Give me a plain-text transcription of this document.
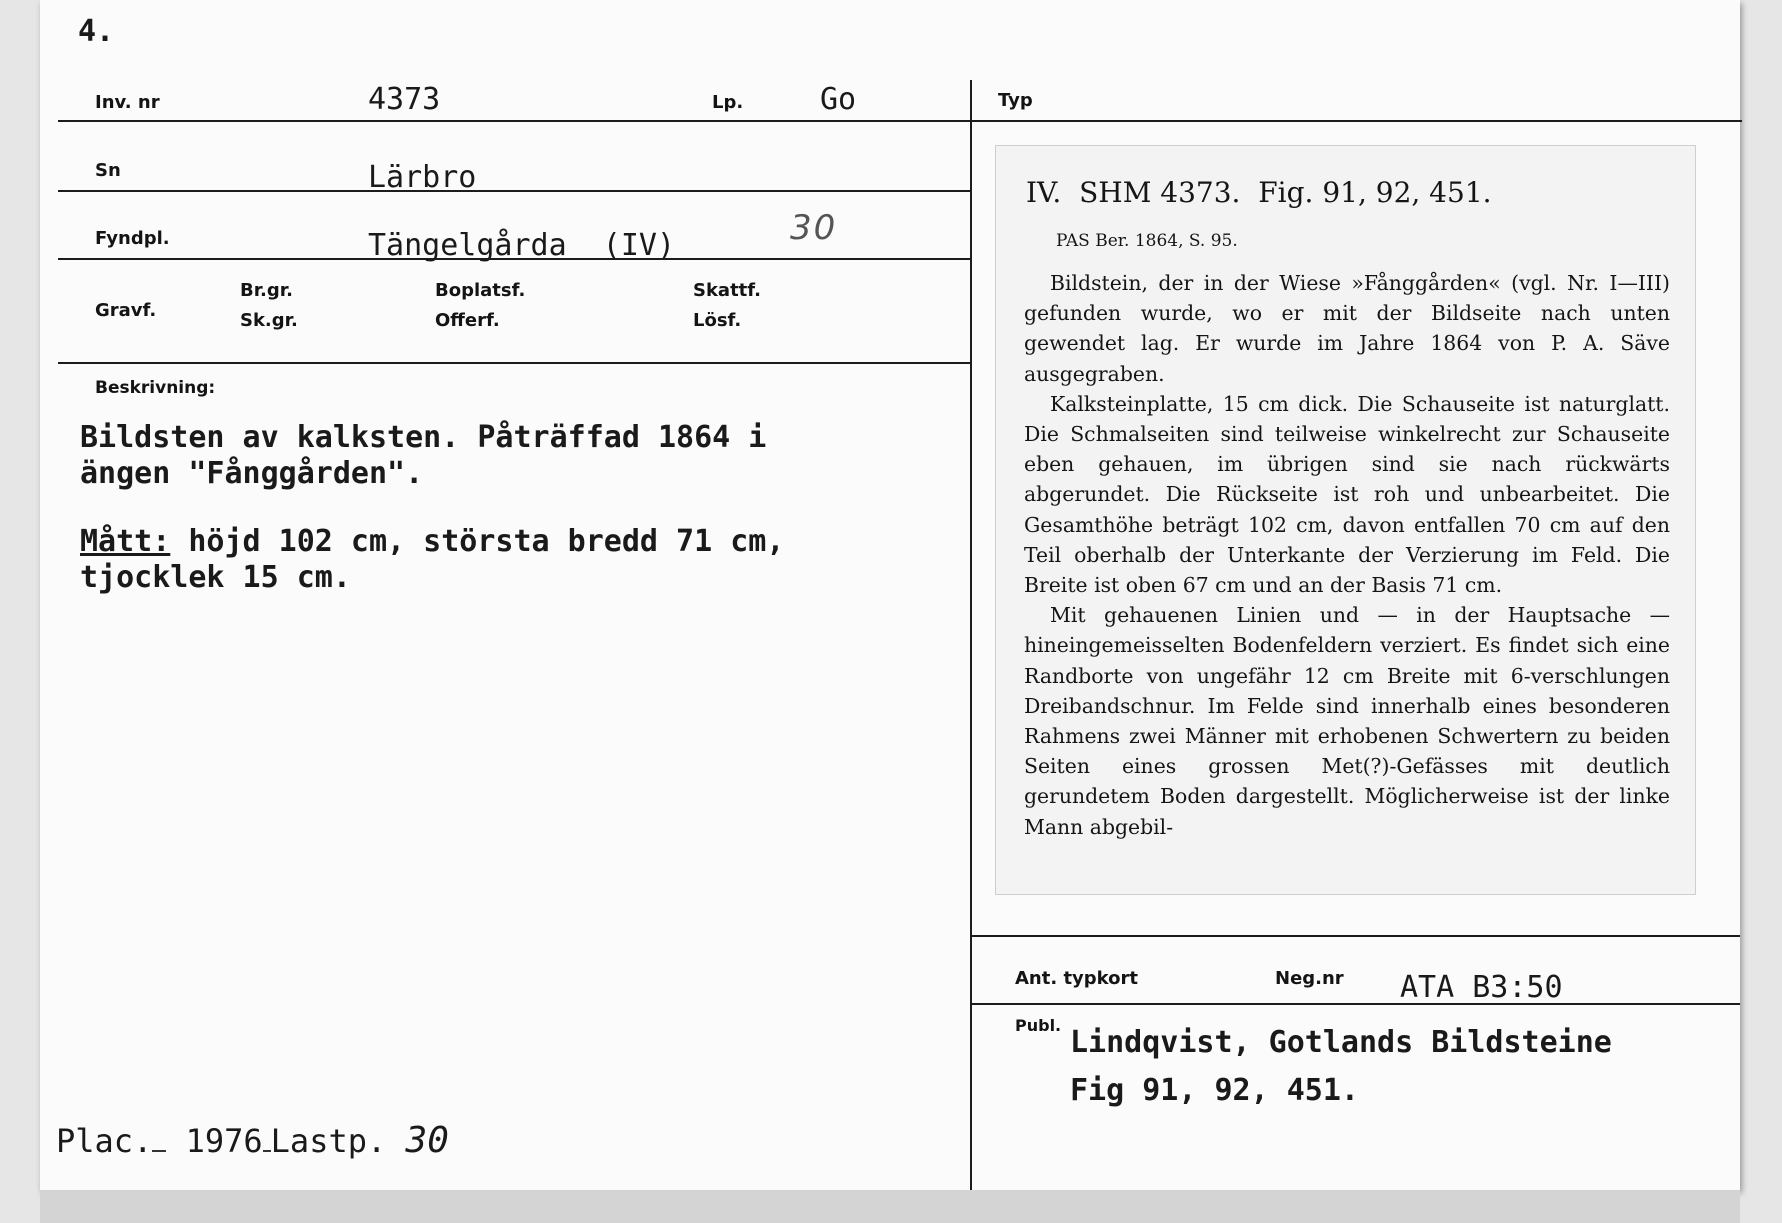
4.
Inv. nr	4373	Lp.	Go	Typ
Sn	Lärbro
Fyndpl.	Tängelgårda  (IV)	30
Gravf.
Br.gr.
Sk.gr.
Boplatsf.
Offerf.
Skattf.
Lösf.
Beskrivning:
Bildsten av kalksten. Påträffad 1864 i
ängen "Fånggården".
Mått: höjd 102 cm, största bredd 71 cm,
tjocklek 15 cm.
Plac. 1976 Lastp. 30
IV.  SHM 4373.  Fig. 91, 92, 451.
PAS Ber. 1864, S. 95.

Bildstein, der in der Wiese »Fånggården« (vgl. Nr. I—III) gefunden wurde, wo er mit der Bildseite nach unten gewendet lag. Er wurde im Jahre 1864 von P. A. Säve ausgegraben.

Kalksteinplatte, 15 cm dick. Die Schauseite ist naturglatt. Die Schmalseiten sind teilweise winkelrecht zur Schauseite eben gehauen, im übrigen sind sie nach rückwärts abgerundet. Die Rückseite ist roh und unbearbeitet. Die Gesamthöhe beträgt 102 cm, davon entfallen 70 cm auf den Teil oberhalb der Unterkante der Verzierung im Feld. Die Breite ist oben 67 cm und an der Basis 71 cm.

Mit gehauenen Linien und — in der Hauptsache — hineingemeisselten Bodenfeldern verziert. Es findet sich eine Randborte von ungefähr 12 cm Breite mit 6-verschlungen Dreibandschnur. Im Felde sind innerhalb eines besonderen Rahmens zwei Männer mit erhobenen Schwertern zu beiden Seiten eines grossen Met(?)-Gefässes mit deutlich gerundetem Boden dargestellt. Möglicherweise ist der linke Mann abgebil-

Ant. typkort	Neg.nr ATA B3:50
Publ. Lindqvist, Gotlands Bildsteine
Fig 91, 92, 451.
